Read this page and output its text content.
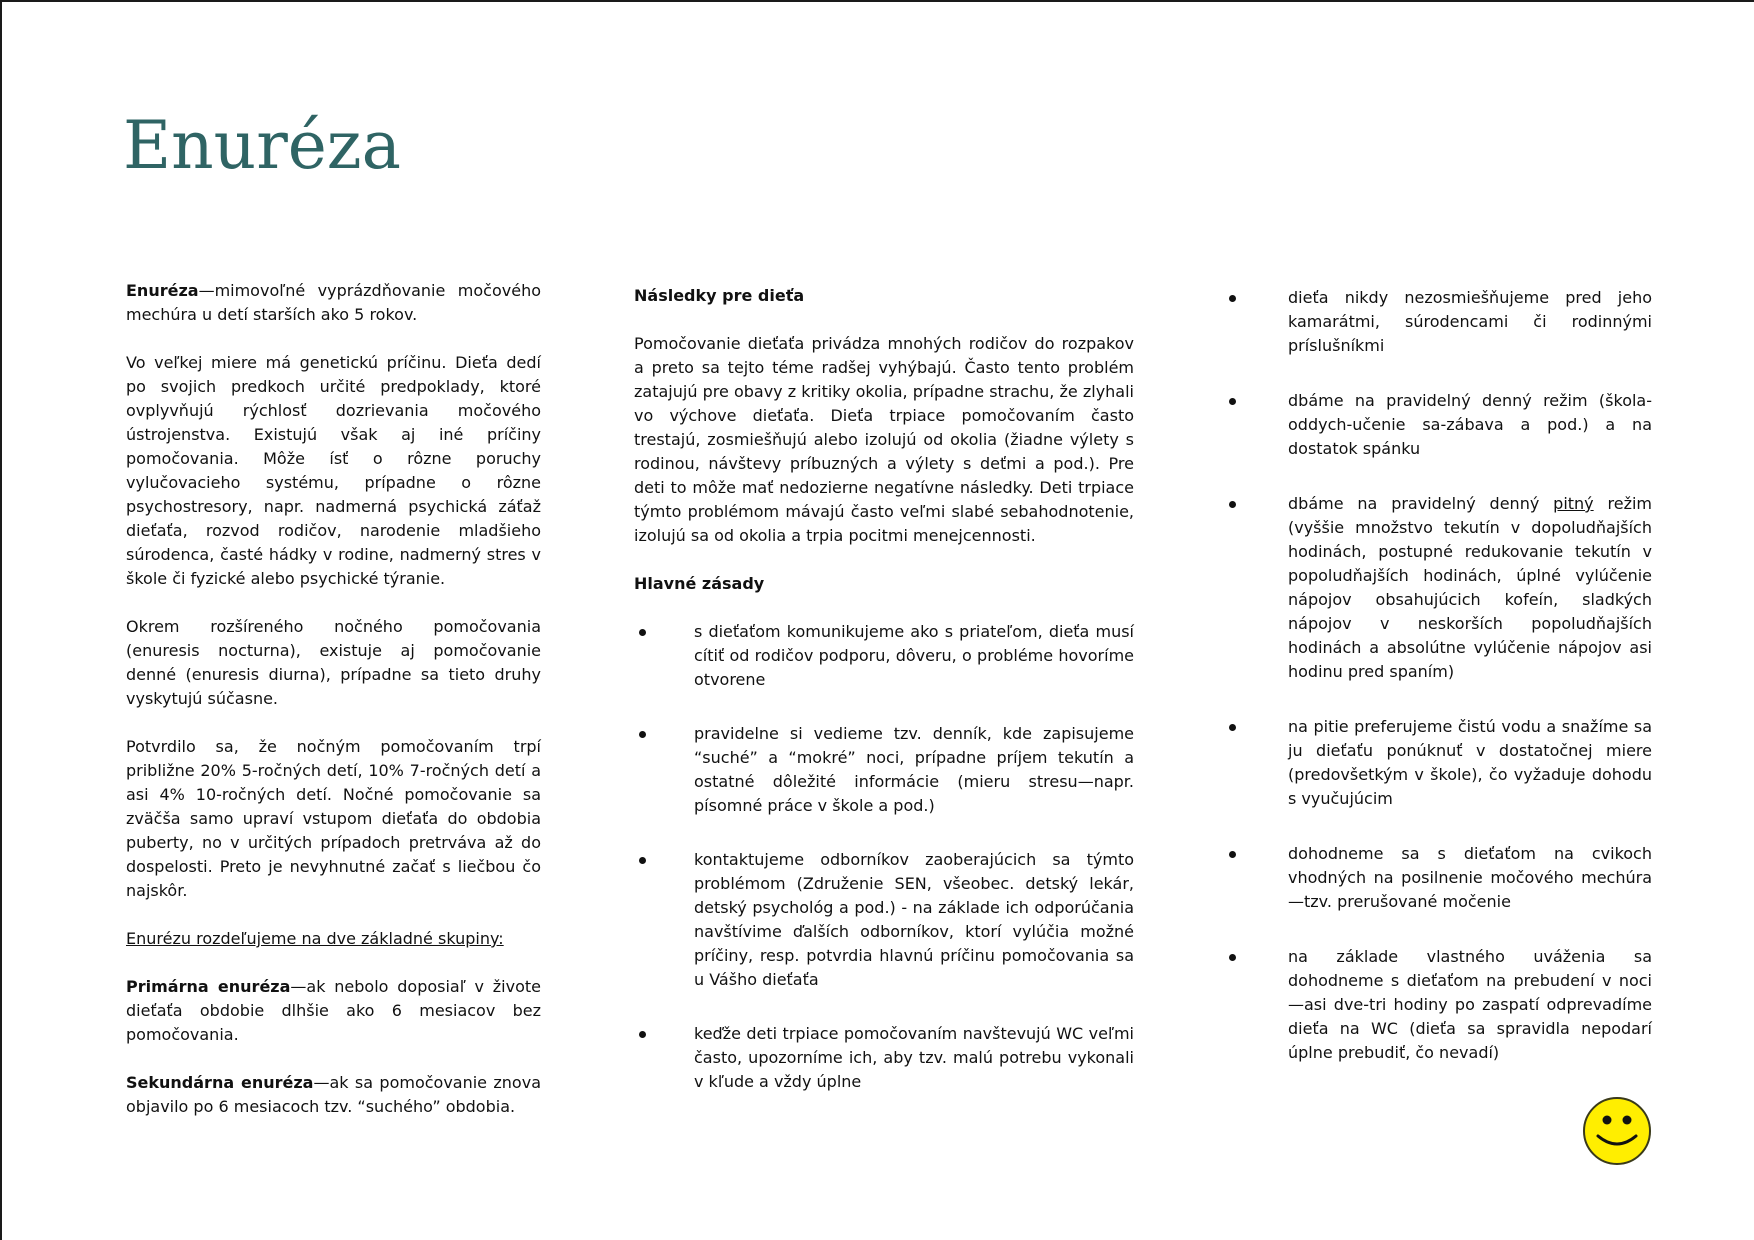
Enuréza

Enuréza—mimovoľné vyprázdňovanie močového mechúra u detí starších ako 5 rokov.

Vo veľkej miere má genetickú príčinu. Dieťa dedí po svojich predkoch určité predpoklady, ktoré ovplyvňujú rýchlosť dozrievania močového ústrojenstva. Existujú však aj iné príčiny pomočovania. Môže ísť o rôzne poruchy vylučovacieho systému, prípadne o rôzne psychostresory, napr. nadmerná psychická záťaž dieťaťa, rozvod rodičov, narodenie mladšieho súrodenca, časté hádky v rodine, nadmerný stres v škole či fyzické alebo psychické týranie.

Okrem rozšíreného nočného pomočovania (enuresis nocturna), existuje aj pomočovanie denné (enuresis diurna), prípadne sa tieto druhy vyskytujú súčasne.

Potvrdilo sa, že nočným pomočovaním trpí približne 20% 5-ročných detí, 10% 7-ročných detí a asi 4% 10-ročných detí. Nočné pomočovanie sa zväčša samo upraví vstupom dieťaťa do obdobia puberty, no v určitých prípadoch pretrváva až do dospelosti. Preto je nevyhnutné začať s liečbou čo najskôr.

Enurézu rozdeľujeme na dve základné skupiny:

Primárna enuréza—ak nebolo doposiaľ v živote dieťaťa obdobie dlhšie ako 6 mesiacov bez pomočovania.

Sekundárna enuréza—ak sa pomočovanie znova objavilo po 6 mesiacoch tzv. “suchého” obdobia.

Následky pre dieťa

Pomočovanie dieťaťa privádza mnohých rodičov do rozpakov a preto sa tejto téme radšej vyhýbajú. Často tento problém zatajujú pre obavy z kritiky okolia, prípadne strachu, že zlyhali vo výchove dieťaťa. Dieťa trpiace pomočovaním často trestajú, zosmiešňujú alebo izolujú od okolia (žiadne výlety s rodinou, návštevy príbuzných a výlety s deťmi a pod.). Pre deti to môže mať nedozierne negatívne následky. Deti trpiace týmto problémom mávajú často veľmi slabé sebahodnotenie, izolujú sa od okolia a trpia pocitmi menejcennosti.

Hlavné zásady

s dieťaťom komunikujeme ako s priateľom, dieťa musí cítiť od rodičov podporu, dôveru, o probléme hovoríme otvorene
pravidelne si vedieme tzv. denník, kde zapisujeme “suché” a “mokré” noci, prípadne príjem tekutín a ostatné dôležité informácie (mieru stresu—napr. písomné práce v škole a pod.)
kontaktujeme odborníkov zaoberajúcich sa týmto problémom (Združenie SEN, všeobec. detský lekár, detský psychológ a pod.) - na základe ich odporúčania navštívime ďalších odborníkov, ktorí vylúčia možné príčiny, resp. potvrdia hlavnú príčinu pomočovania sa u Vášho dieťaťa
keďže deti trpiace pomočovaním navštevujú WC veľmi často, upozorníme ich, aby tzv. malú potrebu vykonali v kľude a vždy úplne
dieťa nikdy nezosmiešňujeme pred jeho kamarátmi, súrodencami či rodinnými príslušníkmi
dbáme na pravidelný denný režim (škola-oddych-učenie sa-zábava a pod.) a na dostatok spánku
dbáme na pravidelný denný pitný režim (vyššie množstvo tekutín v dopoludňajších hodinách, postupné redukovanie tekutín v popoludňajších hodinách, úplné vylúčenie nápojov obsahujúcich kofeín, sladkých nápojov v neskorších popoludňajších hodinách a absolútne vylúčenie nápojov asi hodinu pred spaním)
na pitie preferujeme čistú vodu a snažíme sa ju dieťaťu ponúknuť v dostatočnej miere (predovšetkým v škole), čo vyžaduje dohodu s vyučujúcim
dohodneme sa s dieťaťom na cvikoch vhodných na posilnenie močového mechúra—tzv. prerušované močenie
na základe vlastného uváženia sa dohodneme s dieťaťom na prebudení v noci—asi dve-tri hodiny po zaspatí odprevadíme dieťa na WC (dieťa sa spravidla nepodarí úplne prebudiť, čo nevadí)
